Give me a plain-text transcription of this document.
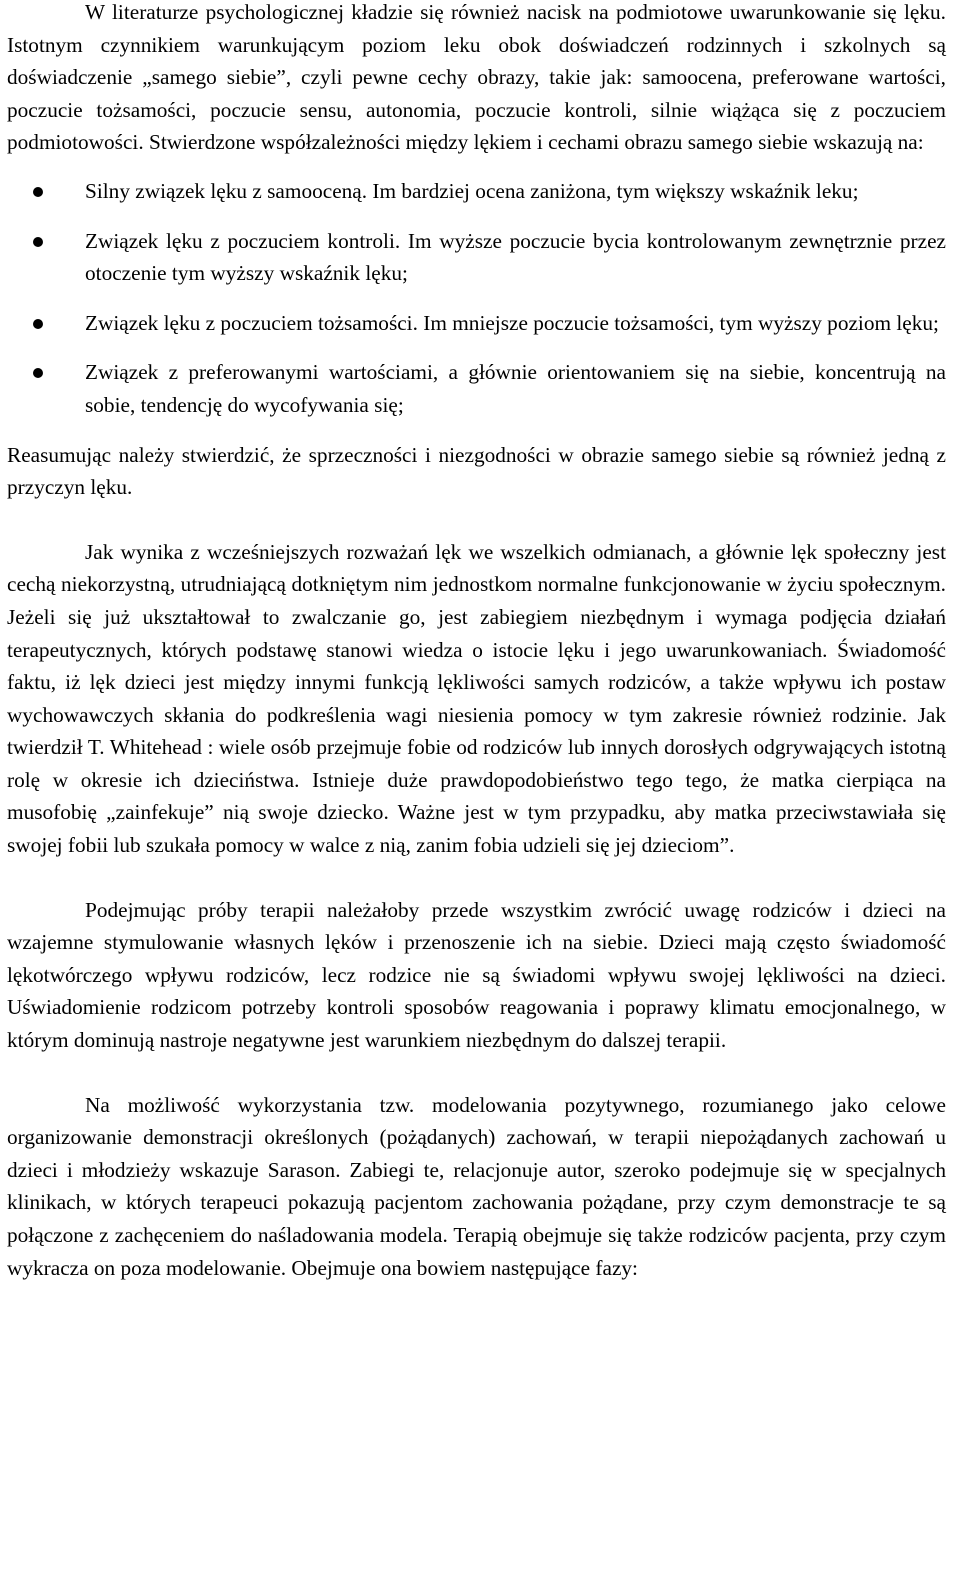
W literaturze psychologicznej kładzie się również nacisk na podmiotowe uwarunkowanie się lęku. Istotnym czynnikiem warunkującym poziom leku obok doświadczeń rodzinnych i szkolnych są doświadczenie „samego siebie”, czyli pewne cechy obrazy, takie jak: samoocena, preferowane wartości, poczucie tożsamości, poczucie sensu, autonomia, poczucie kontroli, silnie wiążąca się z poczuciem podmiotowości. Stwierdzone współzależności między lękiem i cechami obrazu samego siebie wskazują na:

Silny związek lęku z samooceną. Im bardziej ocena zaniżona, tym większy wskaźnik leku;
Związek lęku z poczuciem kontroli. Im wyższe poczucie bycia kontrolowanym zewnętrznie przez otoczenie tym wyższy wskaźnik lęku;
Związek lęku z poczuciem tożsamości. Im mniejsze poczucie tożsamości, tym wyższy poziom lęku;
Związek z preferowanymi wartościami, a głównie orientowaniem się na siebie, koncentrują na sobie, tendencję do wycofywania się;

Reasumując należy stwierdzić, że sprzeczności i niezgodności w obrazie samego siebie są również jedną z przyczyn lęku.

Jak wynika z wcześniejszych rozważań lęk we wszelkich odmianach, a głównie lęk społeczny jest cechą niekorzystną, utrudniającą dotkniętym nim jednostkom normalne funkcjonowanie w życiu społecznym. Jeżeli się już ukształtował to zwalczanie go, jest zabiegiem niezbędnym i wymaga podjęcia działań terapeutycznych, których podstawę stanowi wiedza o istocie lęku i jego uwarunkowaniach. Świadomość faktu, iż lęk dzieci jest między innymi funkcją lękliwości samych rodziców, a także wpływu ich postaw wychowawczych skłania do podkreślenia wagi niesienia pomocy w tym zakresie również rodzinie. Jak twierdził T. Whitehead : wiele osób przejmuje fobie od rodziców lub innych dorosłych odgrywających istotną rolę w okresie ich dzieciństwa. Istnieje duże prawdopodobieństwo tego tego, że matka cierpiąca na musofobię „zainfekuje” nią swoje dziecko. Ważne jest w tym przypadku, aby matka przeciwstawiała się swojej fobii lub szukała pomocy w walce z nią, zanim fobia udzieli się jej dzieciom”.

Podejmując próby terapii należałoby przede wszystkim zwrócić uwagę rodziców i dzieci na wzajemne stymulowanie własnych lęków i przenoszenie ich na siebie. Dzieci mają często świadomość lękotwórczego wpływu rodziców, lecz rodzice nie są świadomi wpływu swojej lękliwości na dzieci. Uświadomienie rodzicom potrzeby kontroli sposobów reagowania i poprawy klimatu emocjonalnego, w którym dominują nastroje negatywne jest warunkiem niezbędnym do dalszej terapii.

Na możliwość wykorzystania tzw. modelowania pozytywnego, rozumianego jako celowe organizowanie demonstracji określonych (pożądanych) zachowań, w terapii niepożądanych zachowań u dzieci i młodzieży wskazuje Sarason. Zabiegi te, relacjonuje autor, szeroko podejmuje się w specjalnych klinikach, w których terapeuci pokazują pacjentom zachowania pożądane, przy czym demonstracje te są połączone z zachęceniem do naśladowania modela. Terapią obejmuje się także rodziców pacjenta, przy czym wykracza on poza modelowanie. Obejmuje ona bowiem następujące fazy:
